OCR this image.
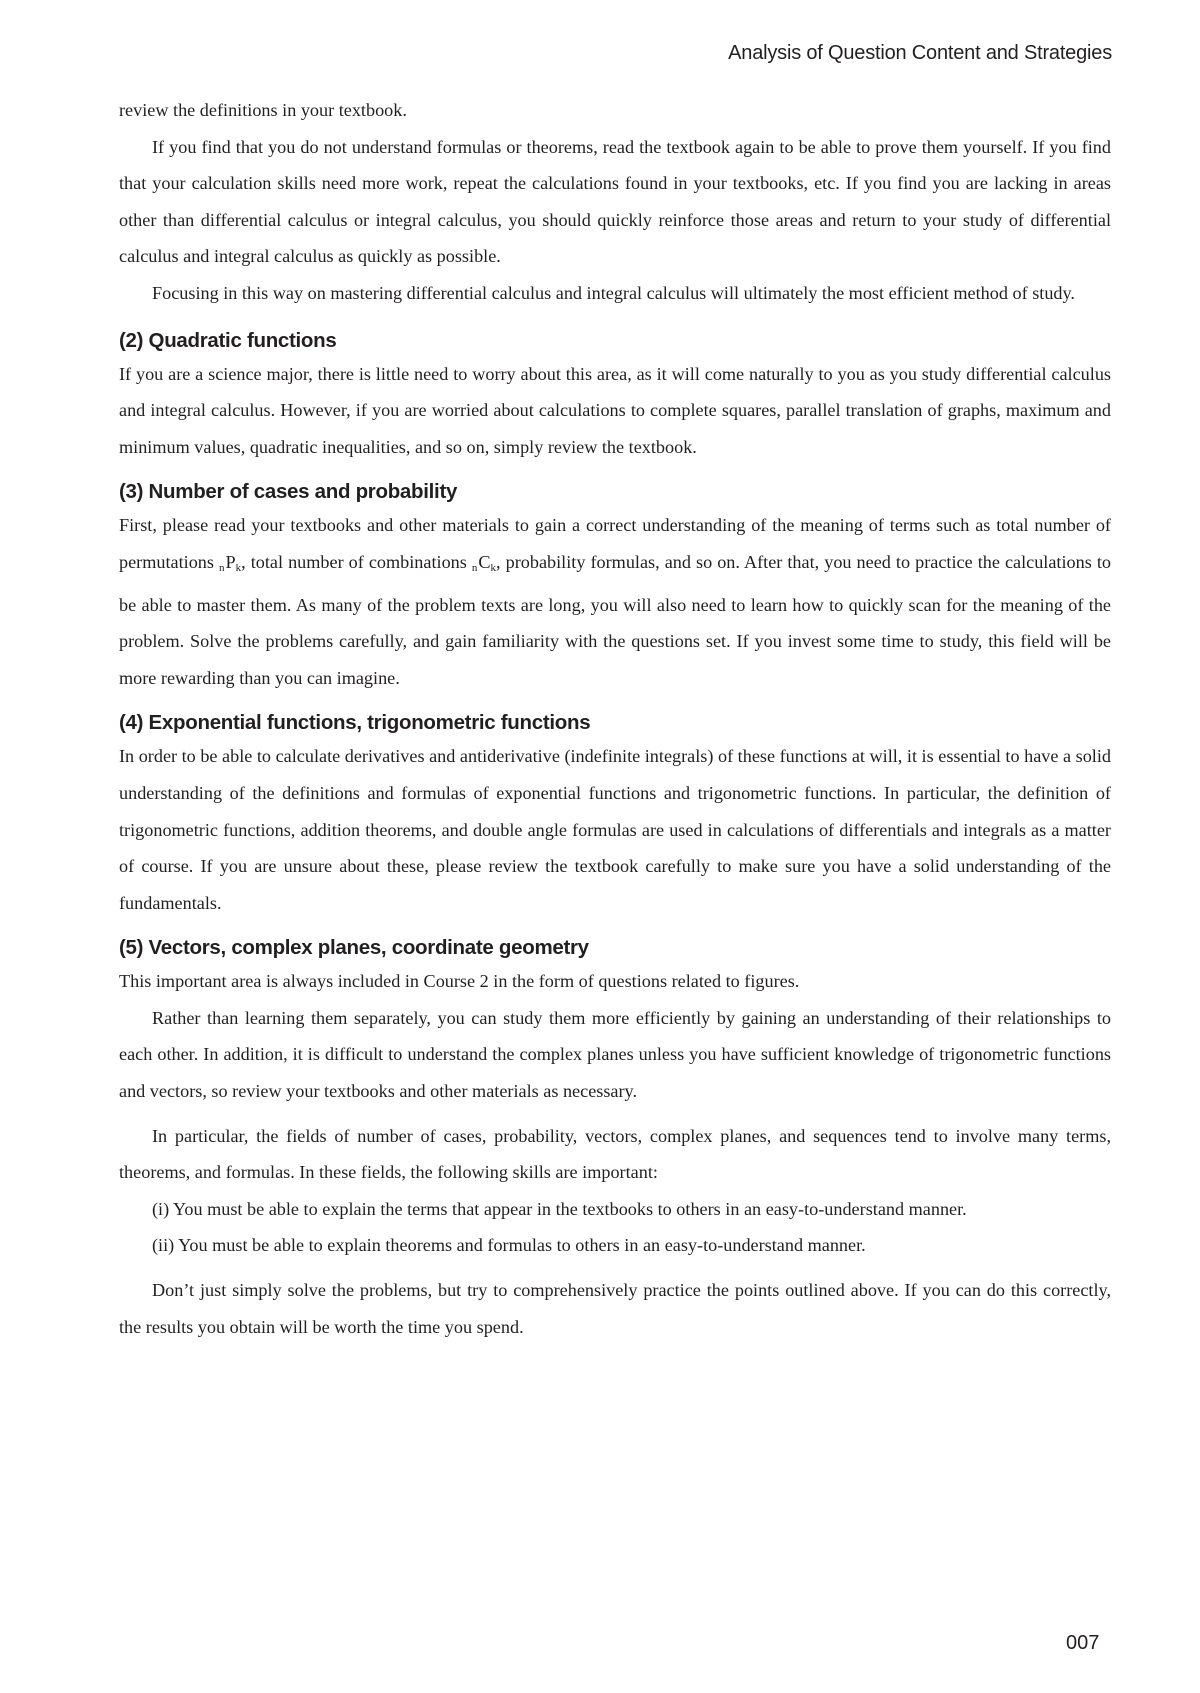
Analysis of Question Content and Strategies

review the definitions in your textbook.

If you find that you do not understand formulas or theorems, read the textbook again to be able to prove them yourself. If you find that your calculation skills need more work, repeat the calculations found in your textbooks, etc. If you find you are lacking in areas other than differential calculus or integral calculus, you should quickly reinforce those areas and return to your study of differential calculus and integral calculus as quickly as possible.

Focusing in this way on mastering differential calculus and integral calculus will ultimately the most efficient method of study.

(2) Quadratic functions

If you are a science major, there is little need to worry about this area, as it will come naturally to you as you study differential calculus and integral calculus. However, if you are worried about calculations to complete squares, parallel translation of graphs, maximum and minimum values, quadratic inequalities, and so on, simply review the textbook.

(3) Number of cases and probability

First, please read your textbooks and other materials to gain a correct understanding of the meaning of terms such as total number of permutations $_nP_k$, total number of combinations $_nC_k$, probability formulas, and so on. After that, you need to practice the calculations to be able to master them. As many of the problem texts are long, you will also need to learn how to quickly scan for the meaning of the problem. Solve the problems carefully, and gain familiarity with the questions set. If you invest some time to study, this field will be more rewarding than you can imagine.

(4) Exponential functions, trigonometric functions

In order to be able to calculate derivatives and antiderivative (indefinite integrals) of these functions at will, it is essential to have a solid understanding of the definitions and formulas of exponential functions and trigonometric functions. In particular, the definition of trigonometric functions, addition theorems, and double angle formulas are used in calculations of differentials and integrals as a matter of course. If you are unsure about these, please review the textbook carefully to make sure you have a solid understanding of the fundamentals.

(5) Vectors, complex planes, coordinate geometry

This important area is always included in Course 2 in the form of questions related to figures.

Rather than learning them separately, you can study them more efficiently by gaining an understanding of their relationships to each other. In addition, it is difficult to understand the complex planes unless you have sufficient knowledge of trigonometric functions and vectors, so review your textbooks and other materials as necessary.

In particular, the fields of number of cases, probability, vectors, complex planes, and sequences tend to involve many terms, theorems, and formulas. In these fields, the following skills are important:

(i) You must be able to explain the terms that appear in the textbooks to others in an easy-to-understand manner.

(ii) You must be able to explain theorems and formulas to others in an easy-to-understand manner.

Don’t just simply solve the problems, but try to comprehensively practice the points outlined above. If you can do this correctly, the results you obtain will be worth the time you spend.

007
